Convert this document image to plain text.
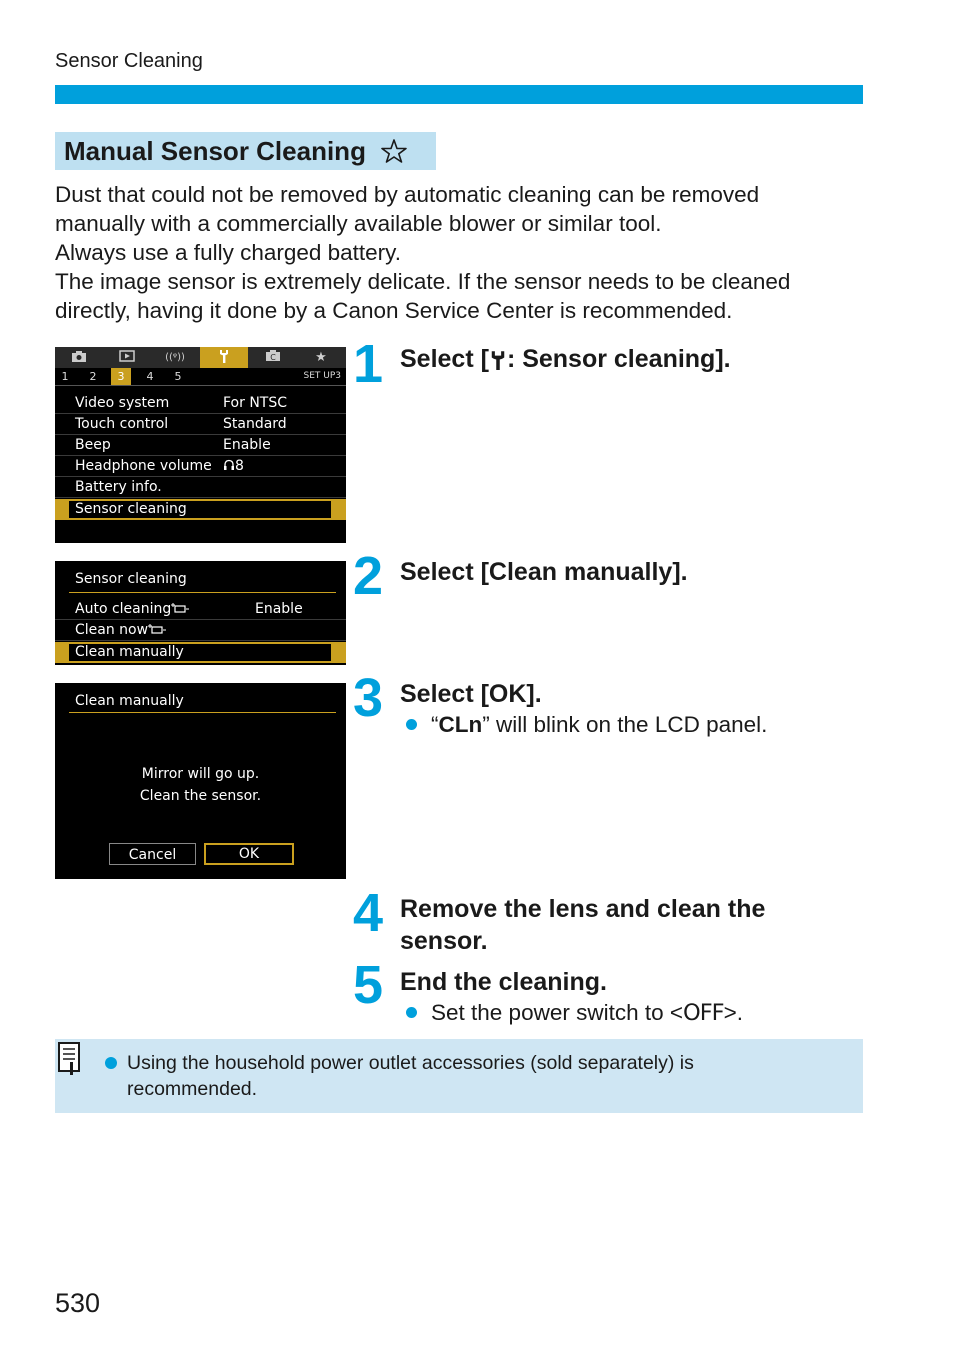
Sensor Cleaning
Manual Sensor Cleaning
Dust that could not be removed by automatic cleaning can be removed
manually with a commercially available blower or similar tool.
Always use a fully charged battery.
The image sensor is extremely delicate. If the sensor needs to be cleaned
directly, having it done by a Canon Service Center is recommended.
((ᵠ))	C	★
1	2	3	4	5	SET UP3
Video system	For NTSC
Touch control	Standard
Beep	Enable
Headphone volume	8
Battery info.
Sensor cleaning
Sensor cleaning
Auto cleaning	Enable
Clean now
Clean manually
Clean manually
Mirror will go up.
Clean the sensor.
Cancel	OK
1 Select [ : Sensor cleaning].
2 Select [Clean manually].
3 Select [OK].
“CLn” will blink on the LCD panel.
4 Remove the lens and clean the
sensor.
5 End the cleaning.
Set the power switch to <OFF>.
Using the household power outlet accessories (sold separately) is
recommended.
530
